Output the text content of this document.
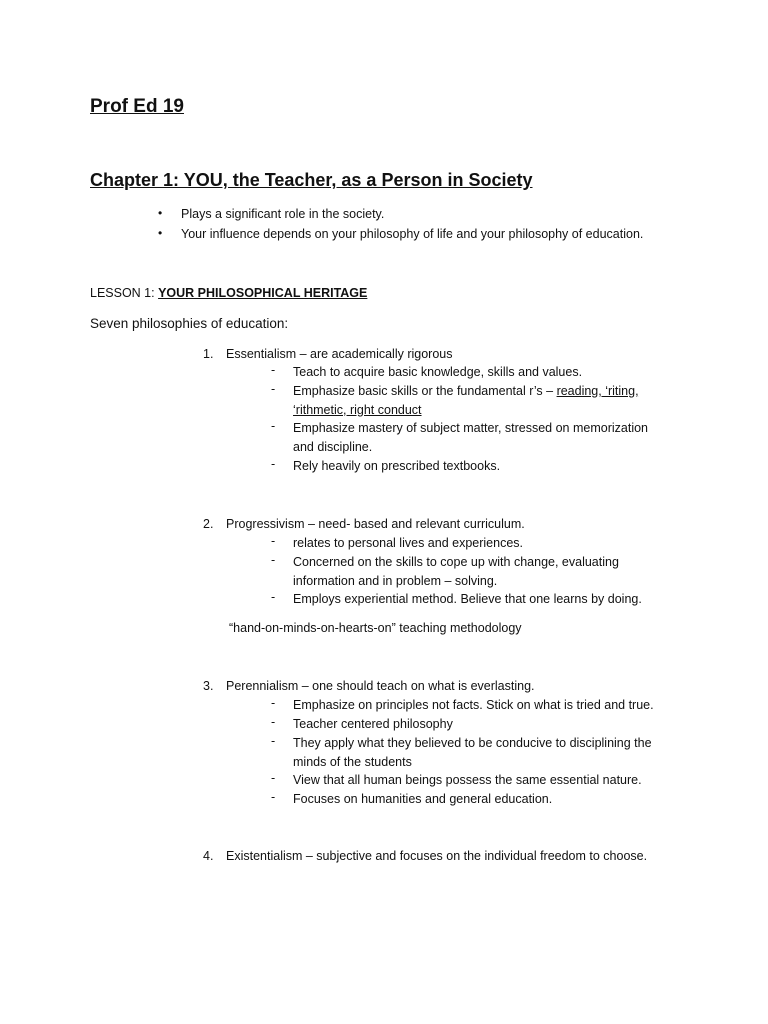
Prof Ed 19
Chapter 1: YOU, the Teacher, as a Person in Society
• Plays a significant role in the society.
• Your influence depends on your philosophy of life and your philosophy of education.
LESSON 1: YOUR PHILOSOPHICAL HERITAGE
Seven philosophies of education:
1. Essentialism – are academically rigorous
- Teach to acquire basic knowledge, skills and values.
- Emphasize basic skills or the fundamental r’s – reading, ‘riting, ‘rithmetic, right conduct
- Emphasize mastery of subject matter, stressed on memorization and discipline.
- Rely heavily on prescribed textbooks.
2. Progressivism – need- based and relevant curriculum.
- relates to personal lives and experiences.
- Concerned on the skills to cope up with change, evaluating information and in problem – solving.
- Employs experiential method. Believe that one learns by doing.
“hand-on-minds-on-hearts-on” teaching methodology
3. Perennialism – one should teach on what is everlasting.
- Emphasize on principles not facts. Stick on what is tried and true.
- Teacher centered philosophy
- They apply what they believed to be conducive to disciplining the minds of the students
- View that all human beings possess the same essential nature.
- Focuses on humanities and general education.
4. Existentialism – subjective and focuses on the individual freedom to choose.
